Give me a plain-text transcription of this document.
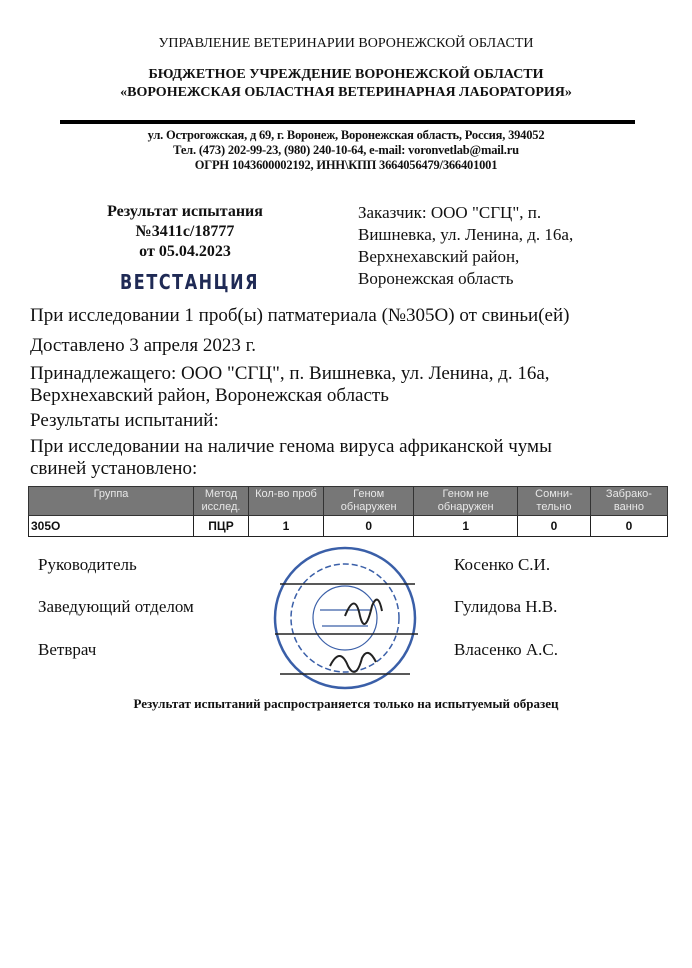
УПРАВЛЕНИЕ ВЕТЕРИНАРИИ ВОРОНЕЖСКОЙ ОБЛАСТИ
БЮДЖЕТНОЕ УЧРЕЖДЕНИЕ ВОРОНЕЖСКОЙ ОБЛАСТИ
«ВОРОНЕЖСКАЯ ОБЛАСТНАЯ ВЕТЕРИНАРНАЯ ЛАБОРАТОРИЯ»
ул. Острогожская, д 69, г. Воронеж, Воронежская область, Россия, 394052
Тел. (473) 202-99-23, (980) 240-10-64, e-mail: voronvetlab@mail.ru
ОГРН 1043600002192, ИНН\КПП 3664056479/366401001
Результат испытания
№3411с/18777
от 05.04.2023
ВЕТСТАНЦИЯ
Заказчик: ООО "СГЦ", п.
Вишневка, ул. Ленина, д. 16а,
Верхнехавский район,
Воронежская область
При исследовании 1 проб(ы) патматериала (№305О) от свиньи(ей)
Доставлено 3 апреля 2023 г.
Принадлежащего: ООО "СГЦ", п. Вишневка, ул. Ленина, д. 16а,
Верхнехавский район, Воронежская область
Результаты испытаний:
При исследовании на наличие генома вируса африканской чумы
свиней установлено:
Группа	Метод исслед.	Кол-во проб	Геном обнаружен	Геном не обнаружен	Сомни-тельно	Забрако-ванно
305О	ПЦР	1	0	1	0	0
Руководитель	Косенко С.И.
Заведующий отделом	Гулидова Н.В.
Ветврач	Власенко А.С.
Результат испытаний распространяется только на испытуемый образец
